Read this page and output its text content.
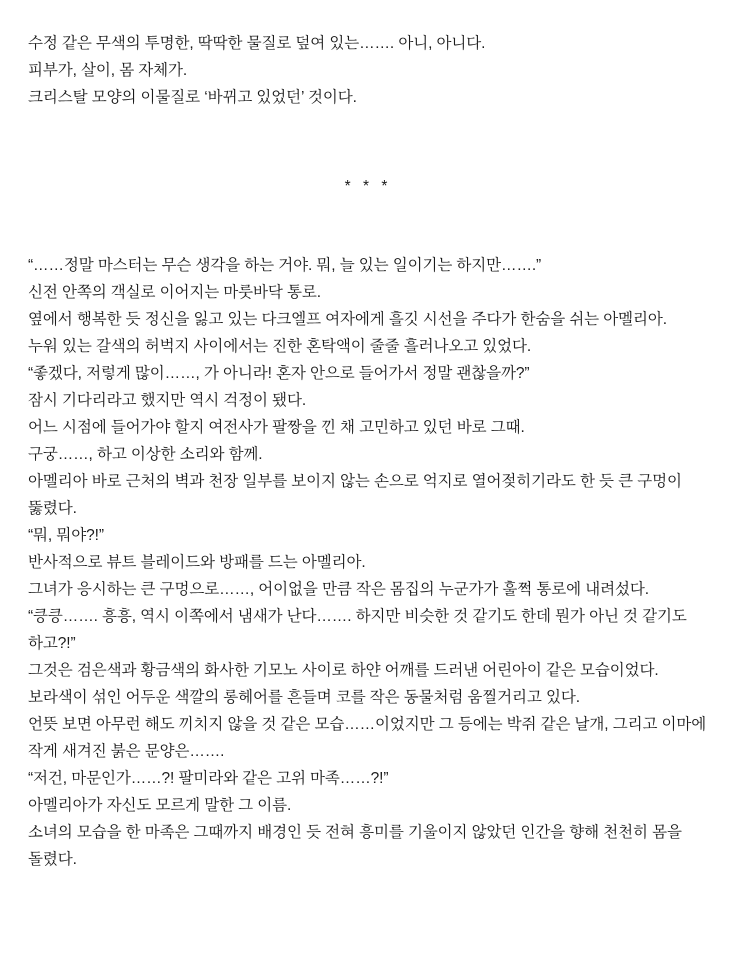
수정 같은 무색의 투명한, 딱딱한 물질로 덮여 있는……. 아니, 아니다.

피부가, 살이, 몸 자체가.

크리스탈 모양의 이물질로 ‘바뀌고 있었던’ 것이다.

* * *

“……정말 마스터는 무슨 생각을 하는 거야. 뭐, 늘 있는 일이기는 하지만…….”

신전 안쪽의 객실로 이어지는 마룻바닥 통로.

옆에서 행복한 듯 정신을 잃고 있는 다크엘프 여자에게 흘깃 시선을 주다가 한숨을 쉬는 아멜리아.

누워 있는 갈색의 허벅지 사이에서는 진한 혼탁액이 줄줄 흘러나오고 있었다.

“좋겠다, 저렇게 많이……, 가 아니라! 혼자 안으로 들어가서 정말 괜찮을까?”

잠시 기다리라고 했지만 역시 걱정이 됐다.

어느 시점에 들어가야 할지 여전사가 팔짱을 낀 채 고민하고 있던 바로 그때.

구궁……, 하고 이상한 소리와 함께.

아멜리아 바로 근처의 벽과 천장 일부를 보이지 않는 손으로 억지로 열어젖히기라도 한 듯 큰 구멍이 뚫렸다.

“뭐, 뭐야?!”

반사적으로 뷰트 블레이드와 방패를 드는 아멜리아.

그녀가 응시하는 큰 구멍으로……, 어이없을 만큼 작은 몸집의 누군가가 훌쩍 통로에 내려섰다.

“킁킁……. 흥흥, 역시 이쪽에서 냄새가 난다……. 하지만 비슷한 것 같기도 한데 뭔가 아닌 것 같기도 하고?!”

그것은 검은색과 황금색의 화사한 기모노 사이로 하얀 어깨를 드러낸 어린아이 같은 모습이었다.

보라색이 섞인 어두운 색깔의 롱헤어를 흔들며 코를 작은 동물처럼 움찔거리고 있다.

언뜻 보면 아무런 해도 끼치지 않을 것 같은 모습……이었지만 그 등에는 박쥐 같은 날개, 그리고 이마에 작게 새겨진 붉은 문양은…….

“저건, 마문인가……?! 팔미라와 같은 고위 마족……?!”

아멜리아가 자신도 모르게 말한 그 이름.

소녀의 모습을 한 마족은 그때까지 배경인 듯 전혀 흥미를 기울이지 않았던 인간을 향해 천천히 몸을 돌렸다.
